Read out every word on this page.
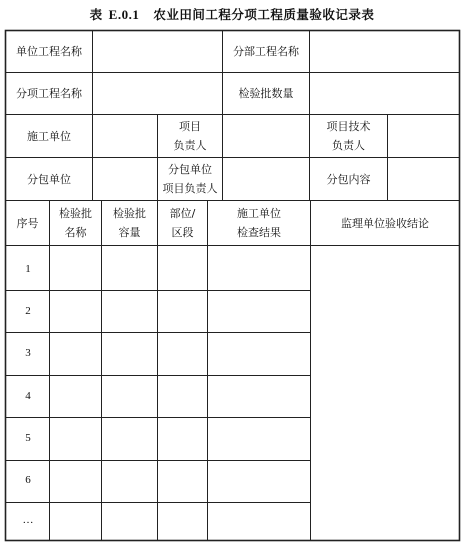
表 E.0.1 农业田间工程分项工程质量验收记录表
单位工程名称	分部工程名称
分项工程名称	检验批数量
施工单位
项目
负责人
项目技术
负责人
分包单位
分包单位
项目负责人
分包内容
序号
检验批
名称
检验批
容量
部位/
区段
施工单位
检查结果
监理单位验收结论
1
2
3
4
5
6
…
